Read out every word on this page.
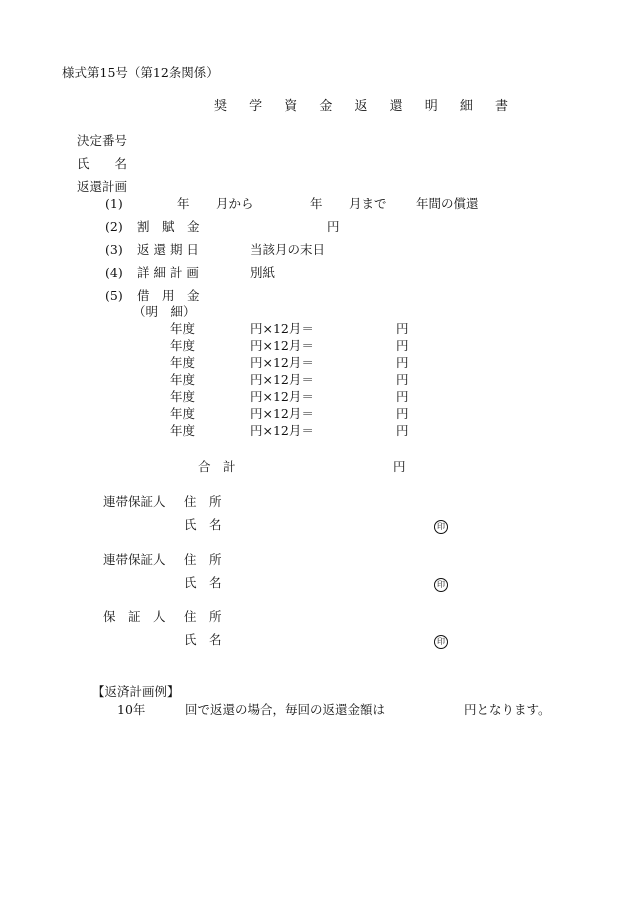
様式第15号（第12条関係）
奨 学 資 金 返 還 明 細 書
決定番号
氏　　名
返還計画
(1)	年 月から	年 月まで 年間の償還
(2) 割　賦　金	円
(3) 返 還 期 日	当該月の末日
(4) 詳 細 計 画	別紙
(5) 借　用　金
（明　細）
年度	円×12月＝	円
年度	円×12月＝	円
年度	円×12月＝	円
年度	円×12月＝	円
年度	円×12月＝	円
年度	円×12月＝	円
年度	円×12月＝	円
合　計	円
連帯保証人 住　所
氏　名	印
連帯保証人 住　所
氏　名	印
保　証　人 住　所
氏　名	印
【返済計画例】
10年	回で返還の場合，毎回の返還金額は	円となります。
